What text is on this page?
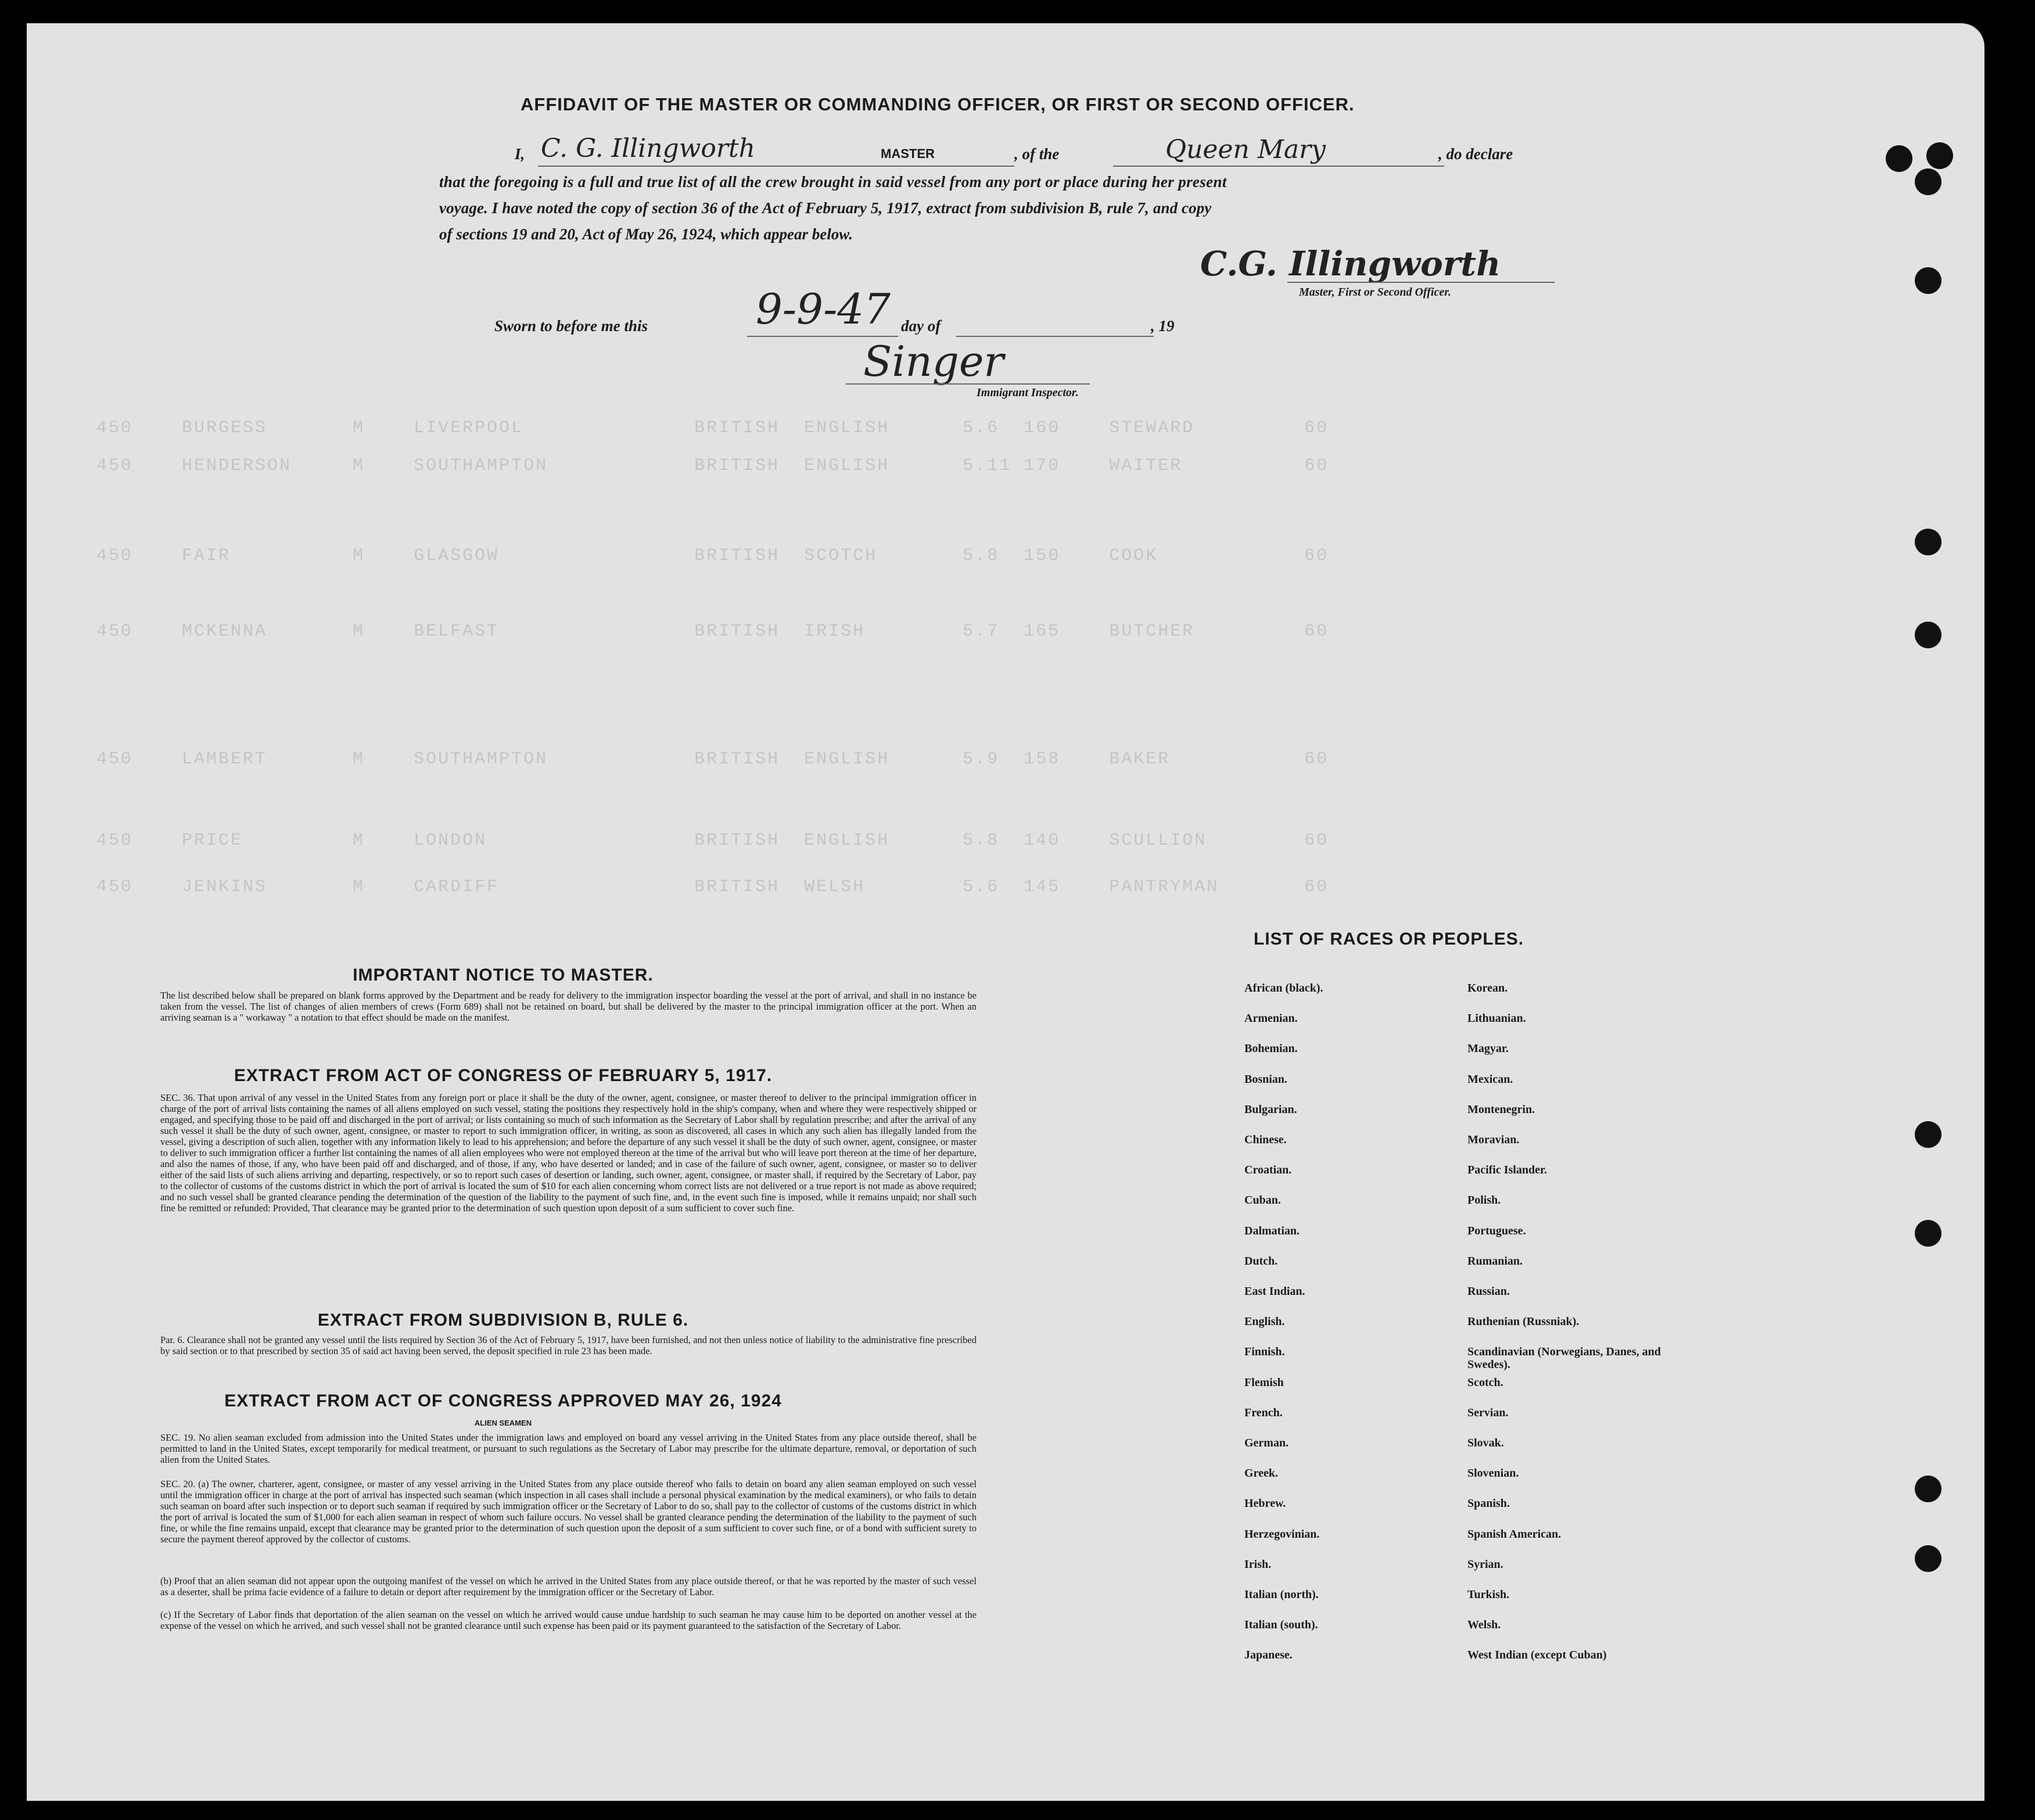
450    BURGESS       M    LIVERPOOL              BRITISH  ENGLISH      5.6  160    STEWARD         60
450    HENDERSON     M    SOUTHAMPTON            BRITISH  ENGLISH      5.11 170    WAITER          60
450    FAIR          M    GLASGOW                BRITISH  SCOTCH       5.8  150    COOK            60
450    MCKENNA       M    BELFAST                BRITISH  IRISH        5.7  165    BUTCHER         60
450    LAMBERT       M    SOUTHAMPTON            BRITISH  ENGLISH      5.9  158    BAKER           60
450    PRICE         M    LONDON                 BRITISH  ENGLISH      5.8  140    SCULLION        60
450    JENKINS       M    CARDIFF                BRITISH  WELSH        5.6  145    PANTRYMAN       60
AFFIDAVIT OF THE MASTER OR COMMANDING OFFICER, OR FIRST OR SECOND OFFICER.
I, C. G. Illingworth	MASTER	, of the	Queen Mary	, do declare
that the foregoing is a full and true list of all the crew brought in said vessel from any port or place during her present
voyage. I have noted the copy of section 36 of the Act of February 5, 1917, extract from subdivision B, rule 7, and copy
of sections 19 and 20, Act of May 26, 1924, which appear below.
C.G. Illingworth
Master, First or Second Officer.
Sworn to before me this	9-9-47 day of	, 19
Singer
Immigrant Inspector.
IMPORTANT NOTICE TO MASTER.
The list described below shall be prepared on blank forms approved by the Department and be ready for delivery to the immigration inspector boarding the vessel at the port of arrival, and shall in no instance be taken from the vessel. The list of changes of alien members of crews (Form 689) shall not be retained on board, but shall be delivered by the master to the principal immigration officer at the port. When an arriving seaman is a " workaway " a notation to that effect should be made on the manifest.
EXTRACT FROM ACT OF CONGRESS OF FEBRUARY 5, 1917.
SEC. 36. That upon arrival of any vessel in the United States from any foreign port or place it shall be the duty of the owner, agent, consignee, or master thereof to deliver to the principal immigration officer in charge of the port of arrival lists containing the names of all aliens employed on such vessel, stating the positions they respectively hold in the ship's company, when and where they were respectively shipped or engaged, and specifying those to be paid off and discharged in the port of arrival; or lists containing so much of such information as the Secretary of Labor shall by regulation prescribe; and after the arrival of any such vessel it shall be the duty of such owner, agent, consignee, or master to report to such immigration officer, in writing, as soon as discovered, all cases in which any such alien has illegally landed from the vessel, giving a description of such alien, together with any information likely to lead to his apprehension; and before the departure of any such vessel it shall be the duty of such owner, agent, consignee, or master to deliver to such immigration officer a further list containing the names of all alien employees who were not employed thereon at the time of the arrival but who will leave port thereon at the time of her departure, and also the names of those, if any, who have been paid off and discharged, and of those, if any, who have deserted or landed; and in case of the failure of such owner, agent, consignee, or master so to deliver either of the said lists of such aliens arriving and departing, respectively, or so to report such cases of desertion or landing, such owner, agent, consignee, or master shall, if required by the Secretary of Labor, pay to the collector of customs of the customs district in which the port of arrival is located the sum of $10 for each alien concerning whom correct lists are not delivered or a true report is not made as above required; and no such vessel shall be granted clearance pending the determination of the question of the liability to the payment of such fine, and, in the event such fine is imposed, while it remains unpaid; nor shall such fine be remitted or refunded: Provided, That clearance may be granted prior to the determination of such question upon deposit of a sum sufficient to cover such fine.
EXTRACT FROM SUBDIVISION B, RULE 6.
Par. 6. Clearance shall not be granted any vessel until the lists required by Section 36 of the Act of February 5, 1917, have been furnished, and not then unless notice of liability to the administrative fine prescribed by said section or to that prescribed by section 35 of said act having been served, the deposit specified in rule 23 has been made.
EXTRACT FROM ACT OF CONGRESS APPROVED MAY 26, 1924
ALIEN SEAMEN
SEC. 19. No alien seaman excluded from admission into the United States under the immigration laws and employed on board any vessel arriving in the United States from any place outside thereof, shall be permitted to land in the United States, except temporarily for medical treatment, or pursuant to such regulations as the Secretary of Labor may prescribe for the ultimate departure, removal, or deportation of such alien from the United States.
SEC. 20. (a) The owner, charterer, agent, consignee, or master of any vessel arriving in the United States from any place outside thereof who fails to detain on board any alien seaman employed on such vessel until the immigration officer in charge at the port of arrival has inspected such seaman (which inspection in all cases shall include a personal physical examination by the medical examiners), or who fails to detain such seaman on board after such inspection or to deport such seaman if required by such immigration officer or the Secretary of Labor to do so, shall pay to the collector of customs of the customs district in which the port of arrival is located the sum of $1,000 for each alien seaman in respect of whom such failure occurs. No vessel shall be granted clearance pending the determination of the liability to the payment of such fine, or while the fine remains unpaid, except that clearance may be granted prior to the determination of such question upon the deposit of a sum sufficient to cover such fine, or of a bond with sufficient surety to secure the payment thereof approved by the collector of customs.
(b) Proof that an alien seaman did not appear upon the outgoing manifest of the vessel on which he arrived in the United States from any place outside thereof, or that he was reported by the master of such vessel as a deserter, shall be prima facie evidence of a failure to detain or deport after requirement by the immigration officer or the Secretary of Labor.
(c) If the Secretary of Labor finds that deportation of the alien seaman on the vessel on which he arrived would cause undue hardship to such seaman he may cause him to be deported on another vessel at the expense of the vessel on which he arrived, and such vessel shall not be granted clearance until such expense has been paid or its payment guaranteed to the satisfaction of the Secretary of Labor.
LIST OF RACES OR PEOPLES.
African (black).
Armenian.
Bohemian.
Bosnian.
Bulgarian.
Chinese.
Croatian.
Cuban.
Dalmatian.
Dutch.
East Indian.
English.
Finnish.
Flemish
French.
German.
Greek.
Hebrew.
Herzegovinian.
Irish.
Italian (north).
Italian (south).
Japanese.
Korean.
Lithuanian.
Magyar.
Mexican.
Montenegrin.
Moravian.
Pacific Islander.
Polish.
Portuguese.
Rumanian.
Russian.
Ruthenian (Russniak).
Scandinavian (Norwegians, Danes, and Swedes).
Scotch.
Servian.
Slovak.
Slovenian.
Spanish.
Spanish American.
Syrian.
Turkish.
Welsh.
West Indian (except Cuban)
